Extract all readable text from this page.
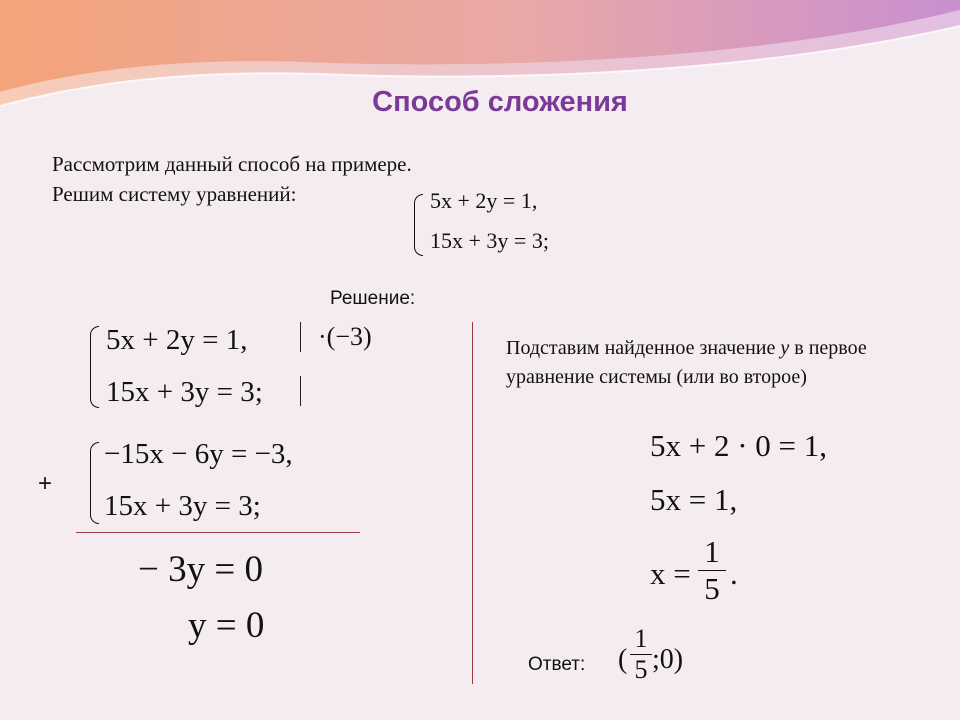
Способ сложения
Рассмотрим данный способ на примере.
Решим систему уравнений:	5x + 2y = 1,
15x + 3y = 3;
Решение:
5x + 2y = 1,
15x + 3y = 3;
·(−3)
−15x − 6y = −3,
15x + 3y = 3;
+
− 3y = 0
y = 0
Подставим найденное значение y в первое уравнение системы (или во второе)
5x + 2 · 0 = 1,
5x = 1,
$x = \frac{1}{5}$ .
Ответ: ( $\frac{1}{5}$ ;0)
